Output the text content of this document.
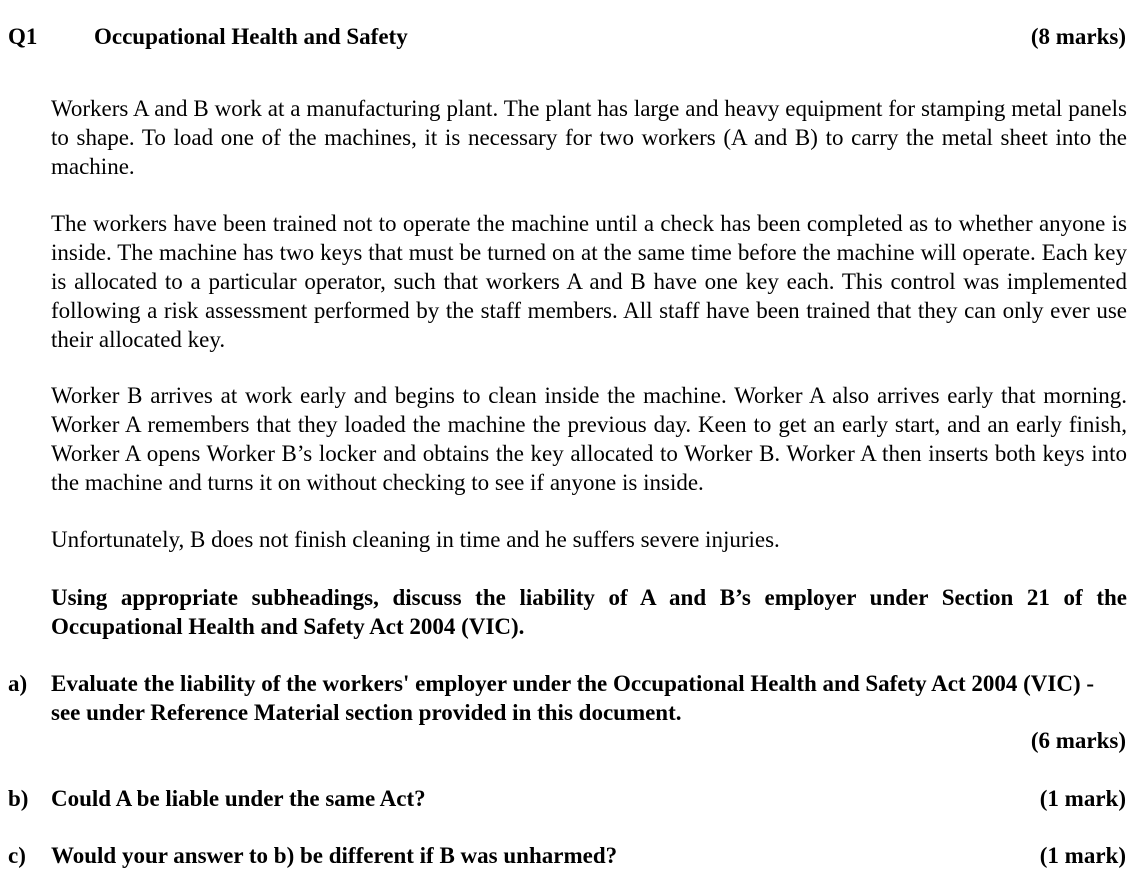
Q1 Occupational Health and Safety	(8 marks)

Workers A and B work at a manufacturing plant. The plant has large and heavy equipment for stamping metal panels to shape. To load one of the machines, it is necessary for two workers (A and B) to carry the metal sheet into the machine.

The workers have been trained not to operate the machine until a check has been completed as to whether anyone is inside. The machine has two keys that must be turned on at the same time before the machine will operate. Each key is allocated to a particular operator, such that workers A and B have one key each. This control was implemented following a risk assessment performed by the staff members. All staff have been trained that they can only ever use their allocated key.

Worker B arrives at work early and begins to clean inside the machine. Worker A also arrives early that morning. Worker A remembers that they loaded the machine the previous day. Keen to get an early start, and an early finish, Worker A opens Worker B’s locker and obtains the key allocated to Worker B. Worker A then inserts both keys into the machine and turns it on without checking to see if anyone is inside.

Unfortunately, B does not finish cleaning in time and he suffers severe injuries.

Using appropriate subheadings, discuss the liability of A and B’s employer under Section 21 of the Occupational Health and Safety Act 2004 (VIC).

a) Evaluate the liability of the workers' employer under the Occupational Health and Safety Act 2004 (VIC) - see under Reference Material section provided in this document.
(6 marks)
b) Could A be liable under the same Act?	(1 mark)
c) Would your answer to b) be different if B was unharmed?	(1 mark)
